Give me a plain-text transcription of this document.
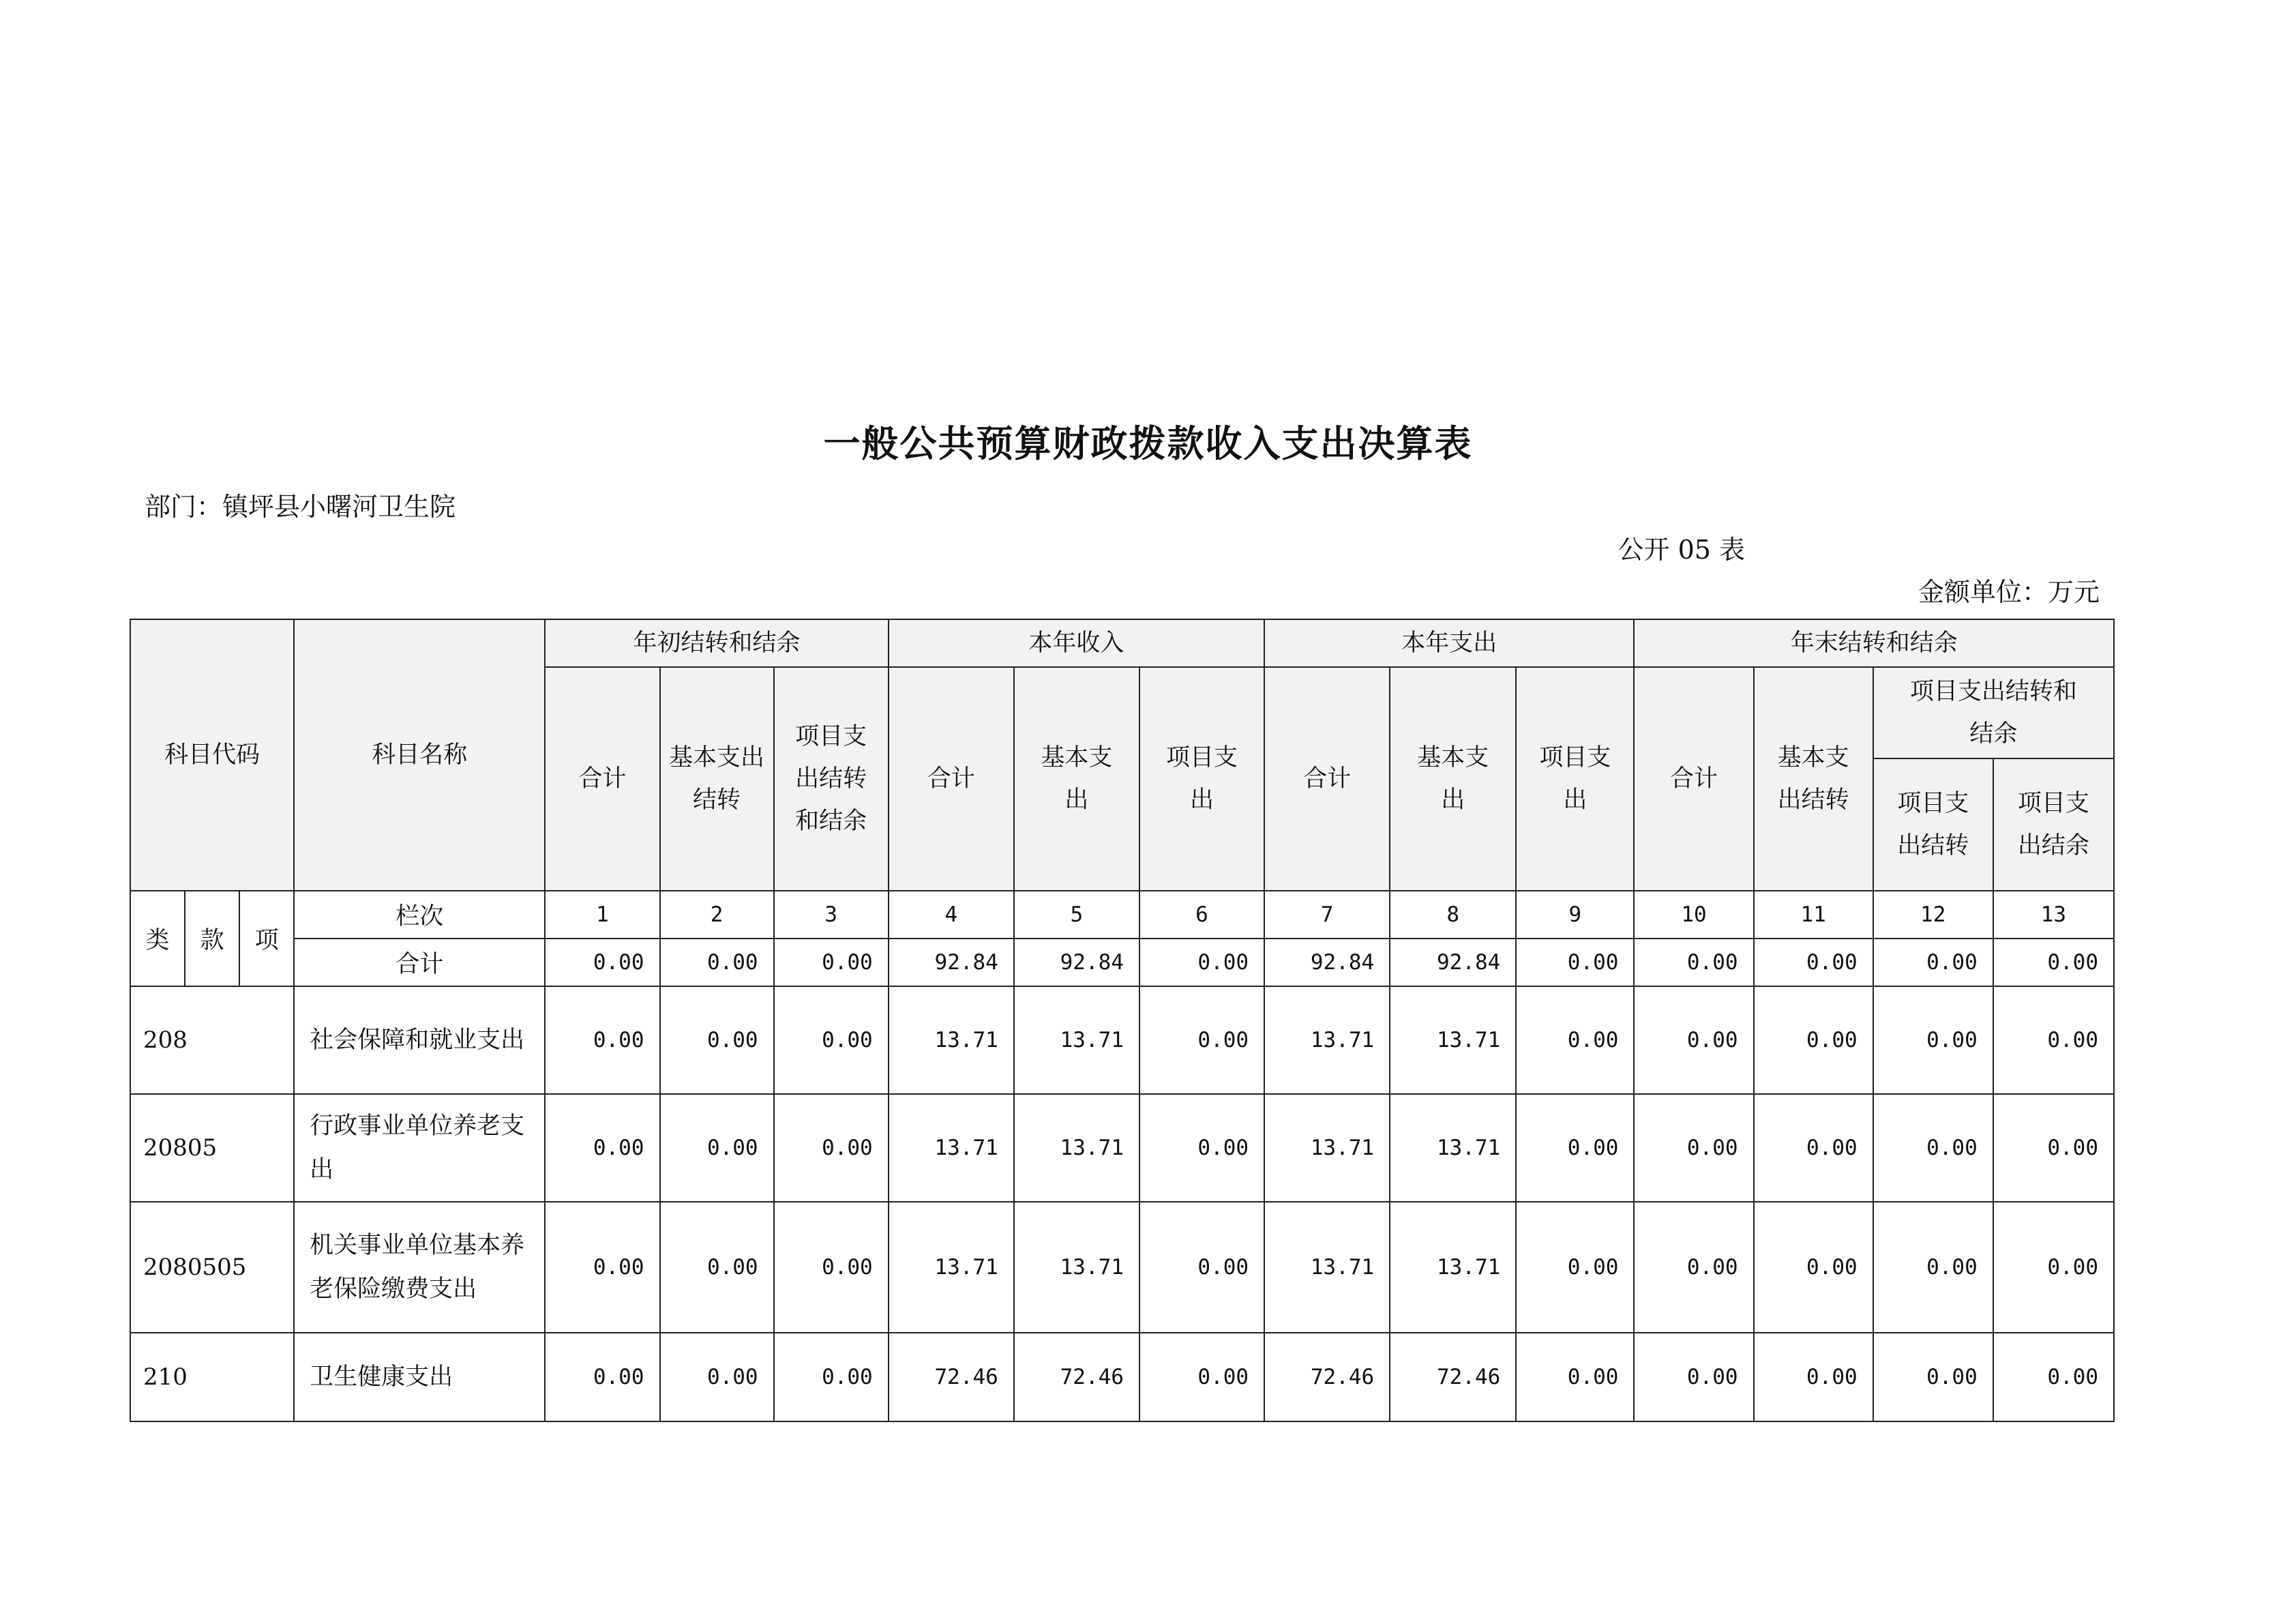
一般公共预算财政拨款收入支出决算表
部门：镇坪县小曙河卫生院
公开 05 表
金额单位：万元
科目代码			科目名称	年初结转和结余			本年收入			本年支出			年末结转和结余			
				合计	基本支出结转	项目支出结转和结余	合计	基本支出	项目支出	合计	基本支出	项目支出	合计	基本支出结转	项目支出结转和结余	
															项目支出结转	项目支出结余
类	款	项	栏次	1	2	3	4	5	6	7	8	9	10	11	12	13
			合计	0.00	0.00	0.00	92.84	92.84	0.00	92.84	92.84	0.00	0.00	0.00	0.00	0.00
208			社会保障和就业支出	0.00	0.00	0.00	13.71	13.71	0.00	13.71	13.71	0.00	0.00	0.00	0.00	0.00
20805			行政事业单位养老支出	0.00	0.00	0.00	13.71	13.71	0.00	13.71	13.71	0.00	0.00	0.00	0.00	0.00
2080505			机关事业单位基本养老保险缴费支出	0.00	0.00	0.00	13.71	13.71	0.00	13.71	13.71	0.00	0.00	0.00	0.00	0.00
210			卫生健康支出	0.00	0.00	0.00	72.46	72.46	0.00	72.46	72.46	0.00	0.00	0.00	0.00	0.00
